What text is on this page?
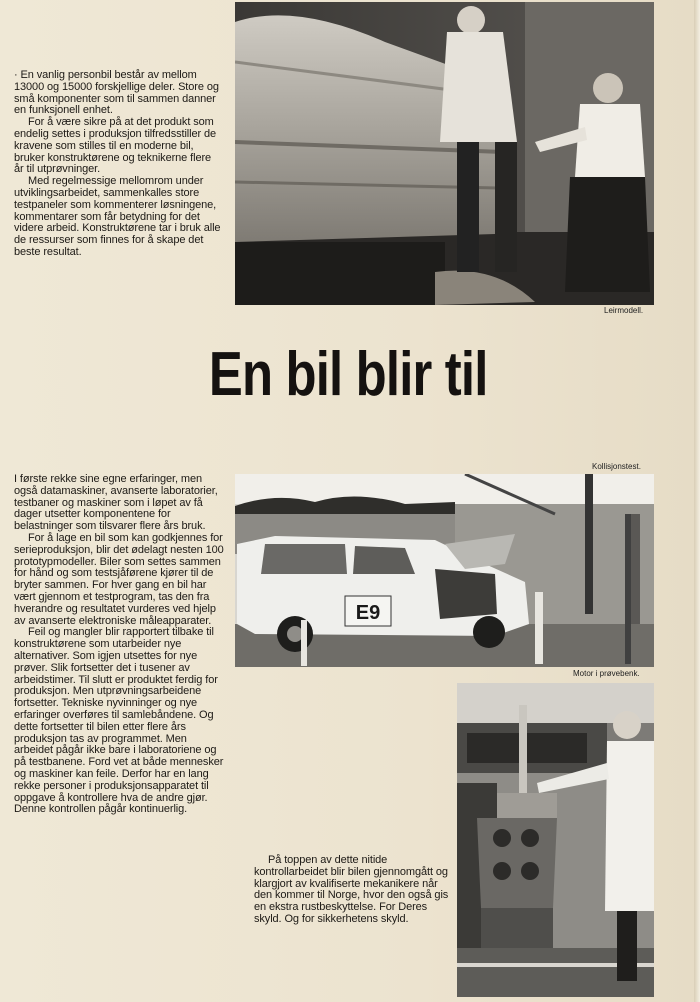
· En vanlig personbil består av mellom 13000 og 15000 forskjellige deler. Store og små komponenter som til sammen danner en funksjonell enhet.

For å være sikre på at det produkt som endelig settes i produksjon tilfredsstiller de kravene som stilles til en moderne bil, bruker konstruktørene og teknikerne flere år til utprøvninger.

Med regelmessige mellomrom under utviklingsarbeidet, sammenkalles store testpaneler som kommenterer løsningene, kommentarer som får betydning for det videre arbeid. Konstruktørene tar i bruk alle de ressurser som finnes for å skape det beste resultat.

Leirmodell.
En bil blir til
Kollisjonstest.
E9
Motor i prøvebenk.

I første rekke sine egne erfaringer, men også datamaskiner, avanserte laboratorier, testbaner og maskiner som i løpet av få dager utsetter komponentene for belastninger som tilsvarer flere års bruk.

For å lage en bil som kan godkjennes for serieproduksjon, blir det ødelagt nesten 100 prototypmodeller. Biler som settes sammen for hånd og som testsjåførene kjører til de bryter sammen. For hver gang en bil har vært gjennom et testprogram, tas den fra hverandre og resultatet vurderes ved hjelp av avanserte elektroniske måleapparater.

Feil og mangler blir rapportert tilbake til konstruktørene som utarbeider nye alternativer. Som igjen utsettes for nye prøver. Slik fortsetter det i tusener av arbeidstimer. Til slutt er produktet ferdig for produksjon. Men utprøvningsarbeidene fortsetter. Tekniske nyvinninger og nye erfaringer overføres til samlebåndene. Og dette fortsetter til bilen etter flere års produksjon tas av programmet. Men arbeidet pågår ikke bare i laboratoriene og på testbanene. Ford vet at både mennesker og maskiner kan feile. Derfor har en lang rekke personer i produksjonsapparatet til oppgave å kontrollere hva de andre gjør. Denne kontrollen pågår kontinuerlig.

På toppen av dette nitide kontrollarbeidet blir bilen gjennomgått og klargjort av kvalifiserte mekanikere når den kommer til Norge, hvor den også gis en ekstra rustbeskyttelse. For Deres skyld. Og for sikkerhetens skyld.
